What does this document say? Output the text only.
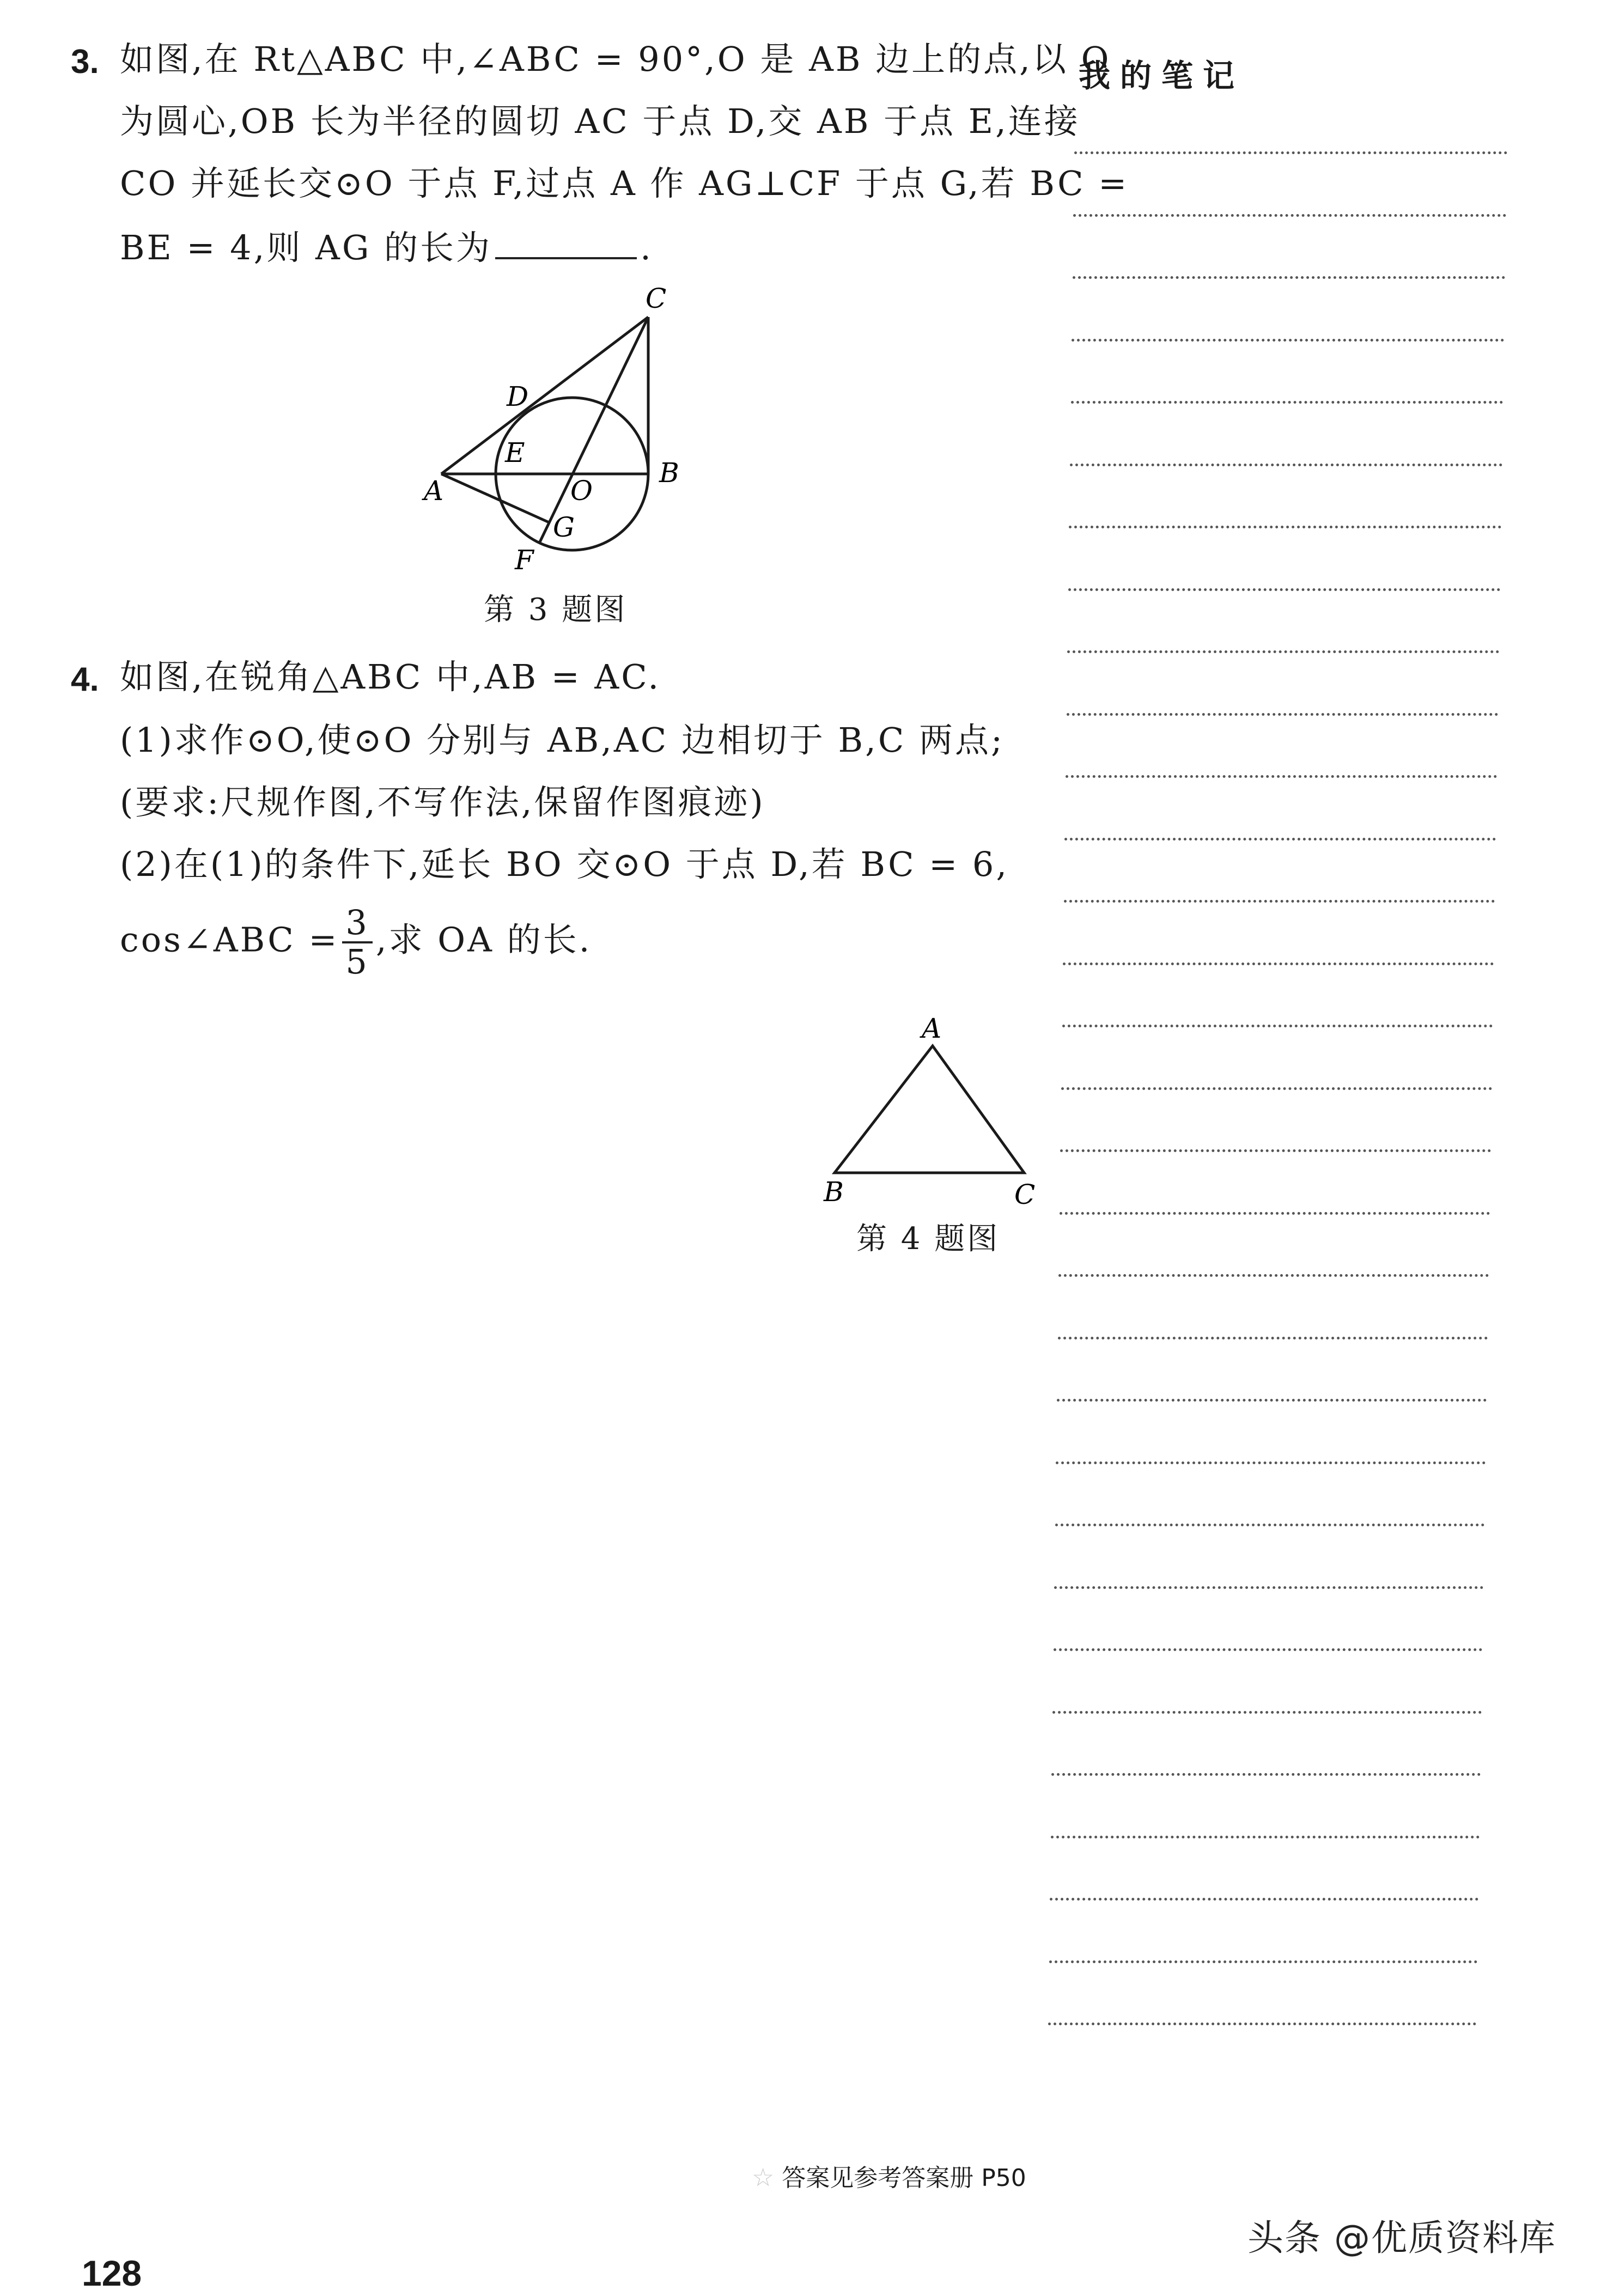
3. 如图,在 Rt△ABC 中,∠ABC = 90°,O 是 AB 边上的点,以 O
为圆心,OB 长为半径的圆切 AC 于点 D,交 AB 于点 E,连接
CO 并延长交⊙O 于点 F,过点 A 作 AG⊥CF 于点 G,若 BC =
BE = 4,则 AG 的长为	.
C
D
E
O
A
B
G
F
第 3 题图
4. 如图,在锐角△ABC 中,AB = AC.
(1)求作⊙O,使⊙O 分别与 AB,AC 边相切于 B,C 两点;
(要求:尺规作图,不写作法,保留作图痕迹)
(2)在(1)的条件下,延长 BO 交⊙O 于点 D,若 BC = 6,
cos∠ABC = $\frac{3}{5}$ ,求 OA 的长.
A
B	C
第 4 题图
我的笔记
☆ 答案见参考答案册 P50
128
头条 @优质资料库
